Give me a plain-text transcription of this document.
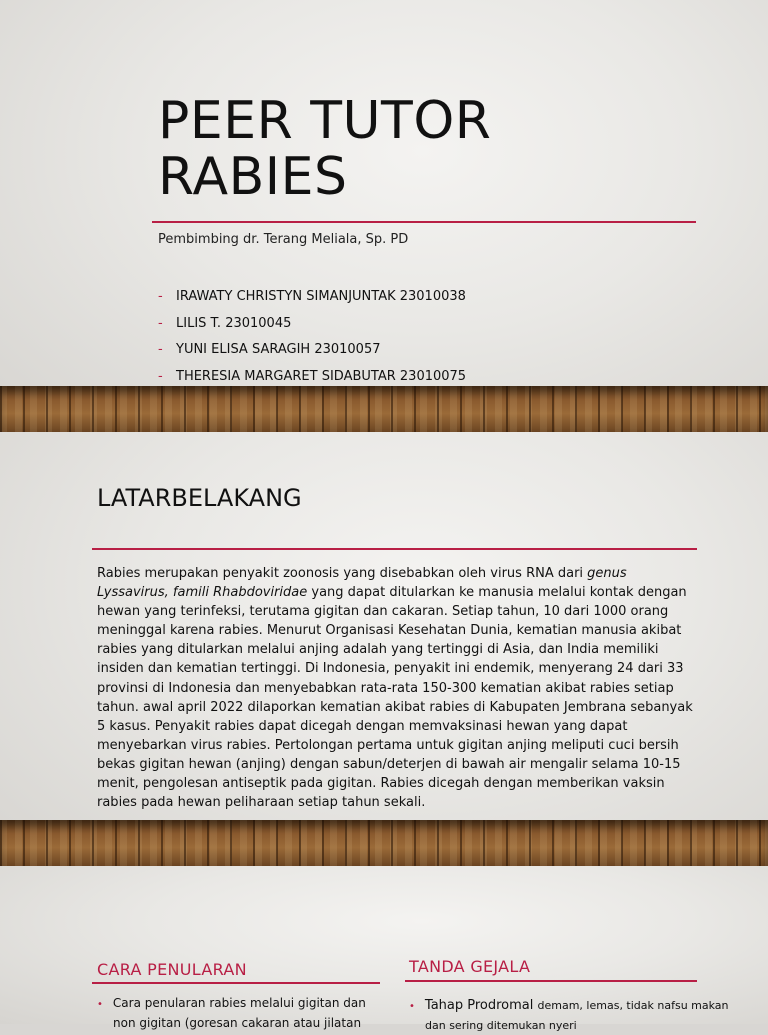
PEER TUTOR
RABIES
Pembimbing dr. Terang Meliala, Sp. PD
-	IRAWATY CHRISTYN SIMANJUNTAK 23010038
-	LILIS T. 23010045
-	YUNI ELISA SARAGIH 23010057
-	THERESIA MARGARET SIDABUTAR 23010075
LATARBELAKANG

Rabies merupakan penyakit zoonosis yang disebabkan oleh virus RNA dari genus Lyssavirus, famili Rhabdoviridae yang dapat ditularkan ke manusia melalui kontak dengan hewan yang terinfeksi, terutama gigitan dan cakaran. Setiap tahun, 10 dari 1000 orang meninggal karena rabies. Menurut Organisasi Kesehatan Dunia, kematian manusia akibat rabies yang ditularkan melalui anjing adalah yang tertinggi di Asia, dan India memiliki insiden dan kematian tertinggi. Di Indonesia, penyakit ini endemik, menyerang 24 dari 33 provinsi di Indonesia dan menyebabkan rata-rata 150-300 kematian akibat rabies setiap tahun. awal april 2022 dilaporkan kematian akibat rabies di Kabupaten Jembrana sebanyak 5 kasus. Penyakit rabies dapat dicegah dengan memvaksinasi hewan yang dapat menyebarkan virus rabies. Pertolongan pertama untuk gigitan anjing meliputi cuci bersih bekas gigitan hewan (anjing) dengan sabun/deterjen di bawah air mengalir selama 10-15 menit, pengolesan antiseptik pada gigitan. Rabies dicegah dengan memberikan vaksin rabies pada hewan peliharaan setiap tahun sekali.

CARA PENULARAN
• Cara penularan rabies melalui gigitan dan
non gigitan (goresan cakaran atau jilatan
TANDA GEJALA
• Tahap Prodromal demam, lemas, tidak nafsu makan
dan sering ditemukan nyeri
